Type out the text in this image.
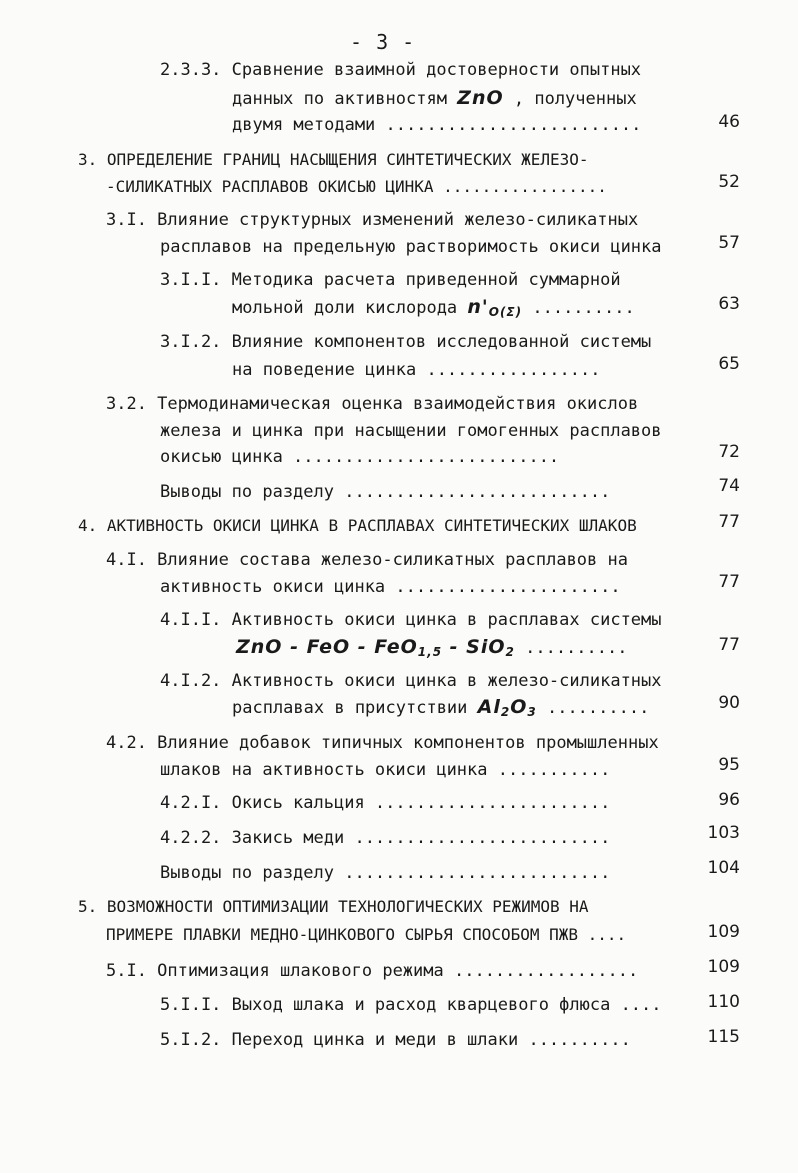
- 3 -
2.3.3. Сравнение взаимной достоверности опытных
данных по активностям ZnO , полученных
двумя методами .........................	46
3. ОПРЕДЕЛЕНИЕ ГРАНИЦ НАСЫЩЕНИЯ СИНТЕТИЧЕСКИХ ЖЕЛЕЗО-
-СИЛИКАТНЫХ РАСПЛАВОВ ОКИСЬЮ ЦИНКА .................	52
3.I. Влияние структурных изменений железо-силикатных
расплавов на предельную растворимость окиси цинка	57
3.I.I. Методика расчета приведенной суммарной
мольной доли кислорода $n'_{O(\Sigma)}$ ..........	63
3.I.2. Влияние компонентов исследованной системы
на поведение цинка .................	65
3.2. Термодинамическая оценка взаимодействия окислов
железа и цинка при насыщении гомогенных расплавов
окисью цинка ..........................	72
Выводы по разделу ..........................	74
4. АКТИВНОСТЬ ОКИСИ ЦИНКА В РАСПЛАВАХ СИНТЕТИЧЕСКИХ ШЛАКОВ	77
4.I. Влияние состава железо-силикатных расплавов на
активность окиси цинка ......................	77
4.I.I. Активность окиси цинка в расплавах системы
ZnO - FeO - FeO$_{1,5}$ - SiO$_2$ ..........	77
4.I.2. Активность окиси цинка в железо-силикатных
расплавах в присутствии $Al_2O_3$ ..........	90
4.2. Влияние добавок типичных компонентов промышленных
шлаков на активность окиси цинка ...........	95
4.2.I. Окись кальция .......................	96
4.2.2. Закись меди .........................	103
Выводы по разделу ..........................	104
5. ВОЗМОЖНОСТИ ОПТИМИЗАЦИИ ТЕХНОЛОГИЧЕСКИХ РЕЖИМОВ НА
ПРИМЕРЕ ПЛАВКИ МЕДНО-ЦИНКОВОГО СЫРЬЯ СПОСОБОМ ПЖВ ....	109
5.I. Оптимизация шлакового режима ..................	109
5.I.I. Выход шлака и расход кварцевого флюса ....	110
5.I.2. Переход цинка и меди в шлаки ..........	115
